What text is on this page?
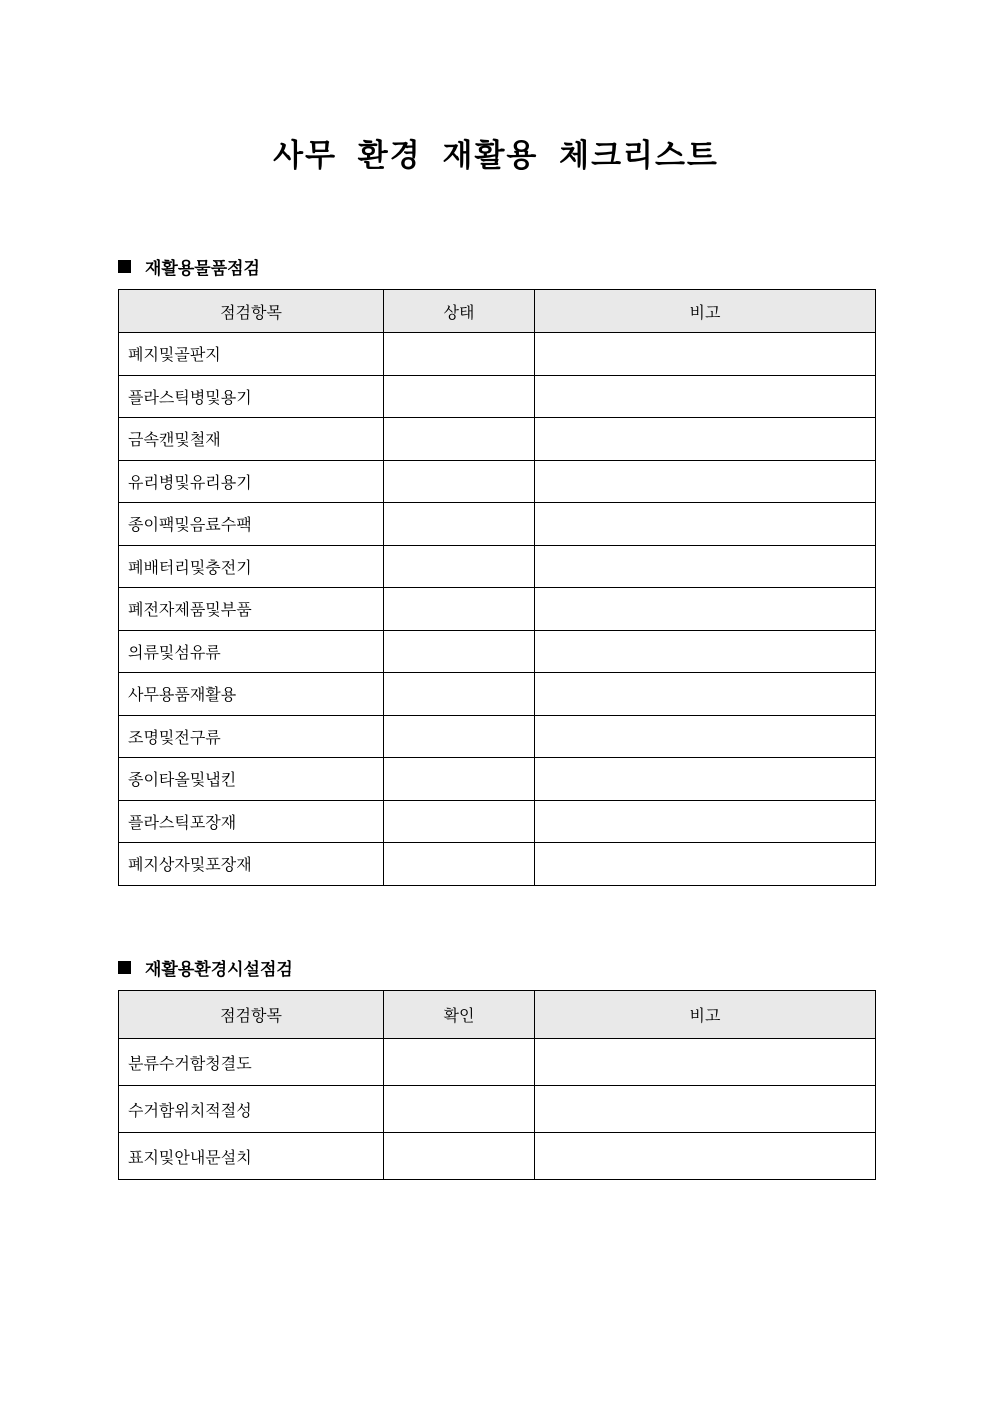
사무 환경 재활용 체크리스트
재활용물품점검
점검항목	상태	비고
폐지및골판지		
플라스틱병및용기		
금속캔및철재		
유리병및유리용기		
종이팩및음료수팩		
폐배터리및충전기		
폐전자제품및부품		
의류및섬유류		
사무용품재활용		
조명및전구류		
종이타올및냅킨		
플라스틱포장재		
폐지상자및포장재		
재활용환경시설점검
점검항목	확인	비고
분류수거함청결도		
수거함위치적절성		
표지및안내문설치		
